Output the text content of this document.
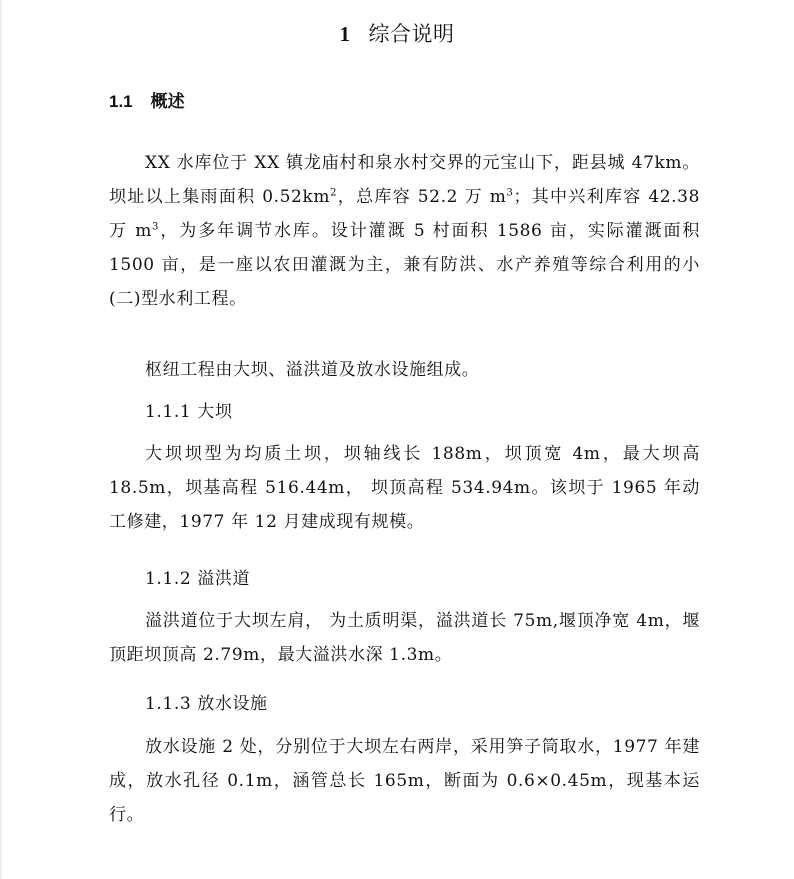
1 综合说明
1.1 概述

XX 水库位于 XX 镇龙庙村和泉水村交界的元宝山下，距县城 47km。坝址以上集雨面积 $0.52km^2$，总库容 52.2 万 $m^3$；其中兴利库容 42.38 万 $m^3$，为多年调节水库。设计灌溉 5 村面积 1586 亩，实际灌溉面积 1500 亩，是一座以农田灌溉为主，兼有防洪、水产养殖等综合利用的小(二)型水利工程。

枢纽工程由大坝、溢洪道及放水设施组成。

1.1.1 大坝

大坝坝型为均质土坝，坝轴线长 188m，坝顶宽 4m，最大坝高 18.5m，坝基高程 516.44m， 坝顶高程 534.94m。该坝于 1965 年动工修建，1977 年 12 月建成现有规模。

1.1.2 溢洪道

溢洪道位于大坝左肩， 为土质明渠，溢洪道长 75m,堰顶净宽 4m，堰顶距坝顶高 2.79m，最大溢洪水深 1.3m。

1.1.3 放水设施

放水设施 2 处，分别位于大坝左右两岸，采用笋子筒取水，1977 年建成，放水孔径 0.1m，涵管总长 165m，断面为 0.6×0.45m，现基本运行。
